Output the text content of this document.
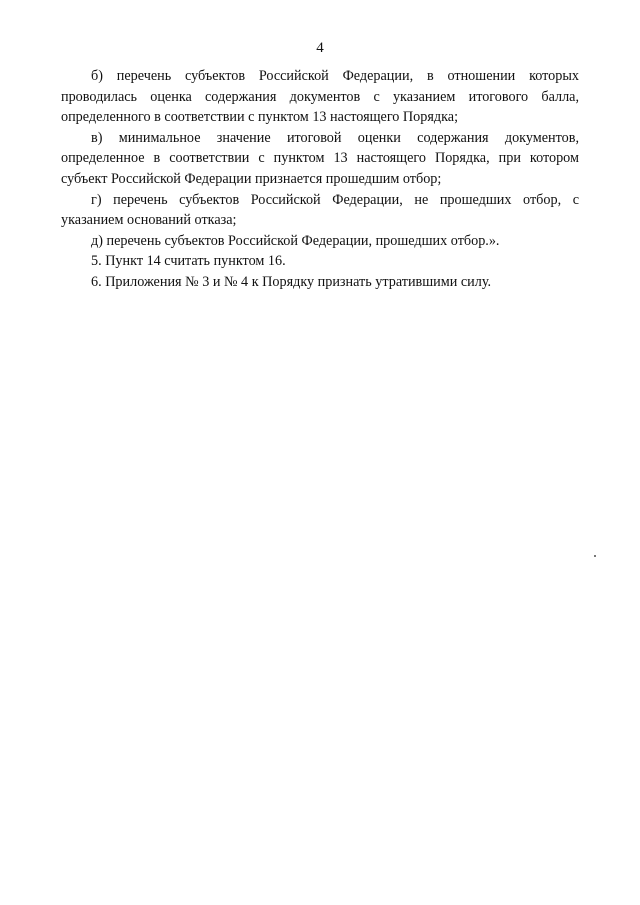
4

б) перечень субъектов Российской Федерации, в отношении которых проводилась оценка содержания документов с указанием итогового балла, определенного в соответствии с пунктом 13 настоящего Порядка;

в) минимальное значение итоговой оценки содержания документов, определенное в соответствии с пунктом 13 настоящего Порядка, при котором субъект Российской Федерации признается прошедшим отбор;

г) перечень субъектов Российской Федерации, не прошедших отбор, с указанием оснований отказа;

д) перечень субъектов Российской Федерации, прошедших отбор.».

5. Пункт 14 считать пунктом 16.

6. Приложения № 3 и № 4 к Порядку признать утратившими силу.
